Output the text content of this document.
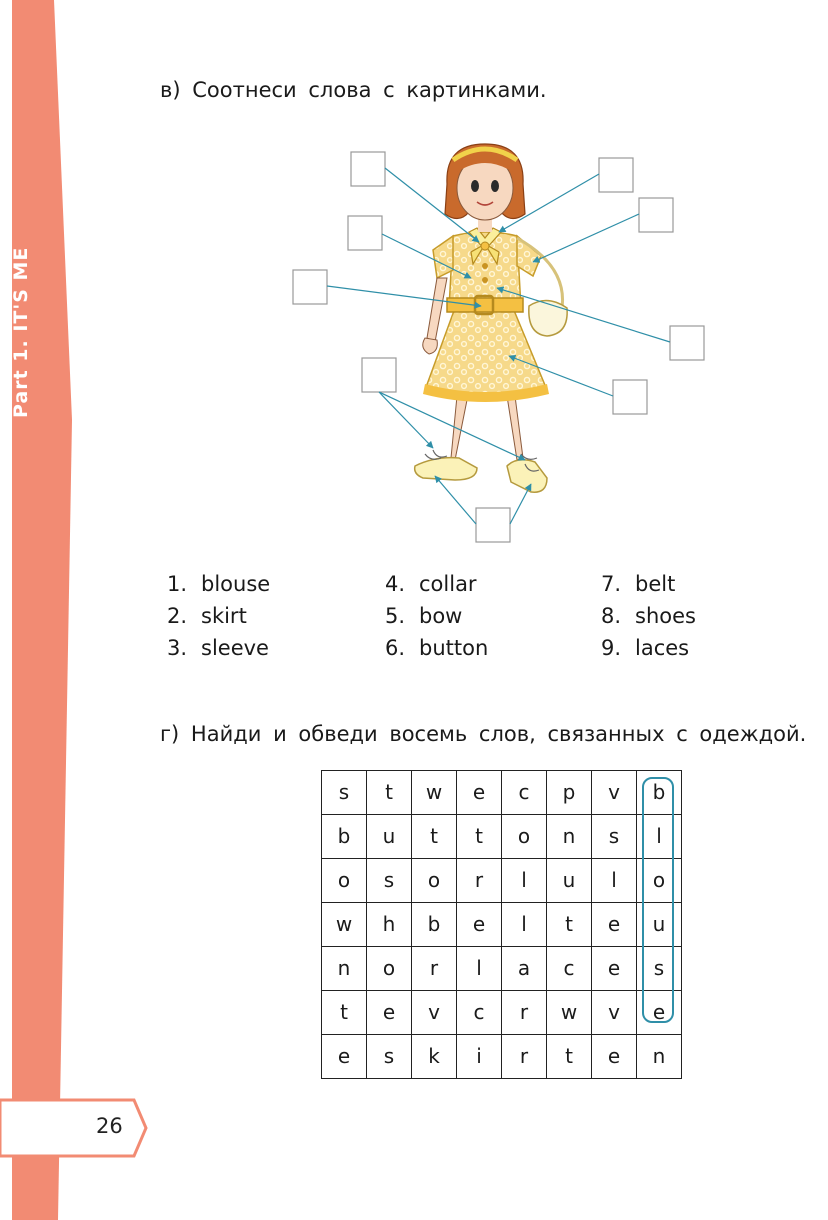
Part 1. IT'S ME
26
в) Соотнеси слова с картинками.
1. blouse
2. skirt
3. sleeve
4. collar
5. bow
6. button
7. belt
8. shoes
9. laces
г) Найди и обведи восемь слов, связанных с одеждой.
s	t	w	e	c	p	v	b
b	u	t	t	o	n	s	l
o	s	o	r	l	u	l	o
w	h	b	e	l	t	e	u
n	o	r	l	a	c	e	s
t	e	v	c	r	w	v	e
e	s	k	i	r	t	e	n
